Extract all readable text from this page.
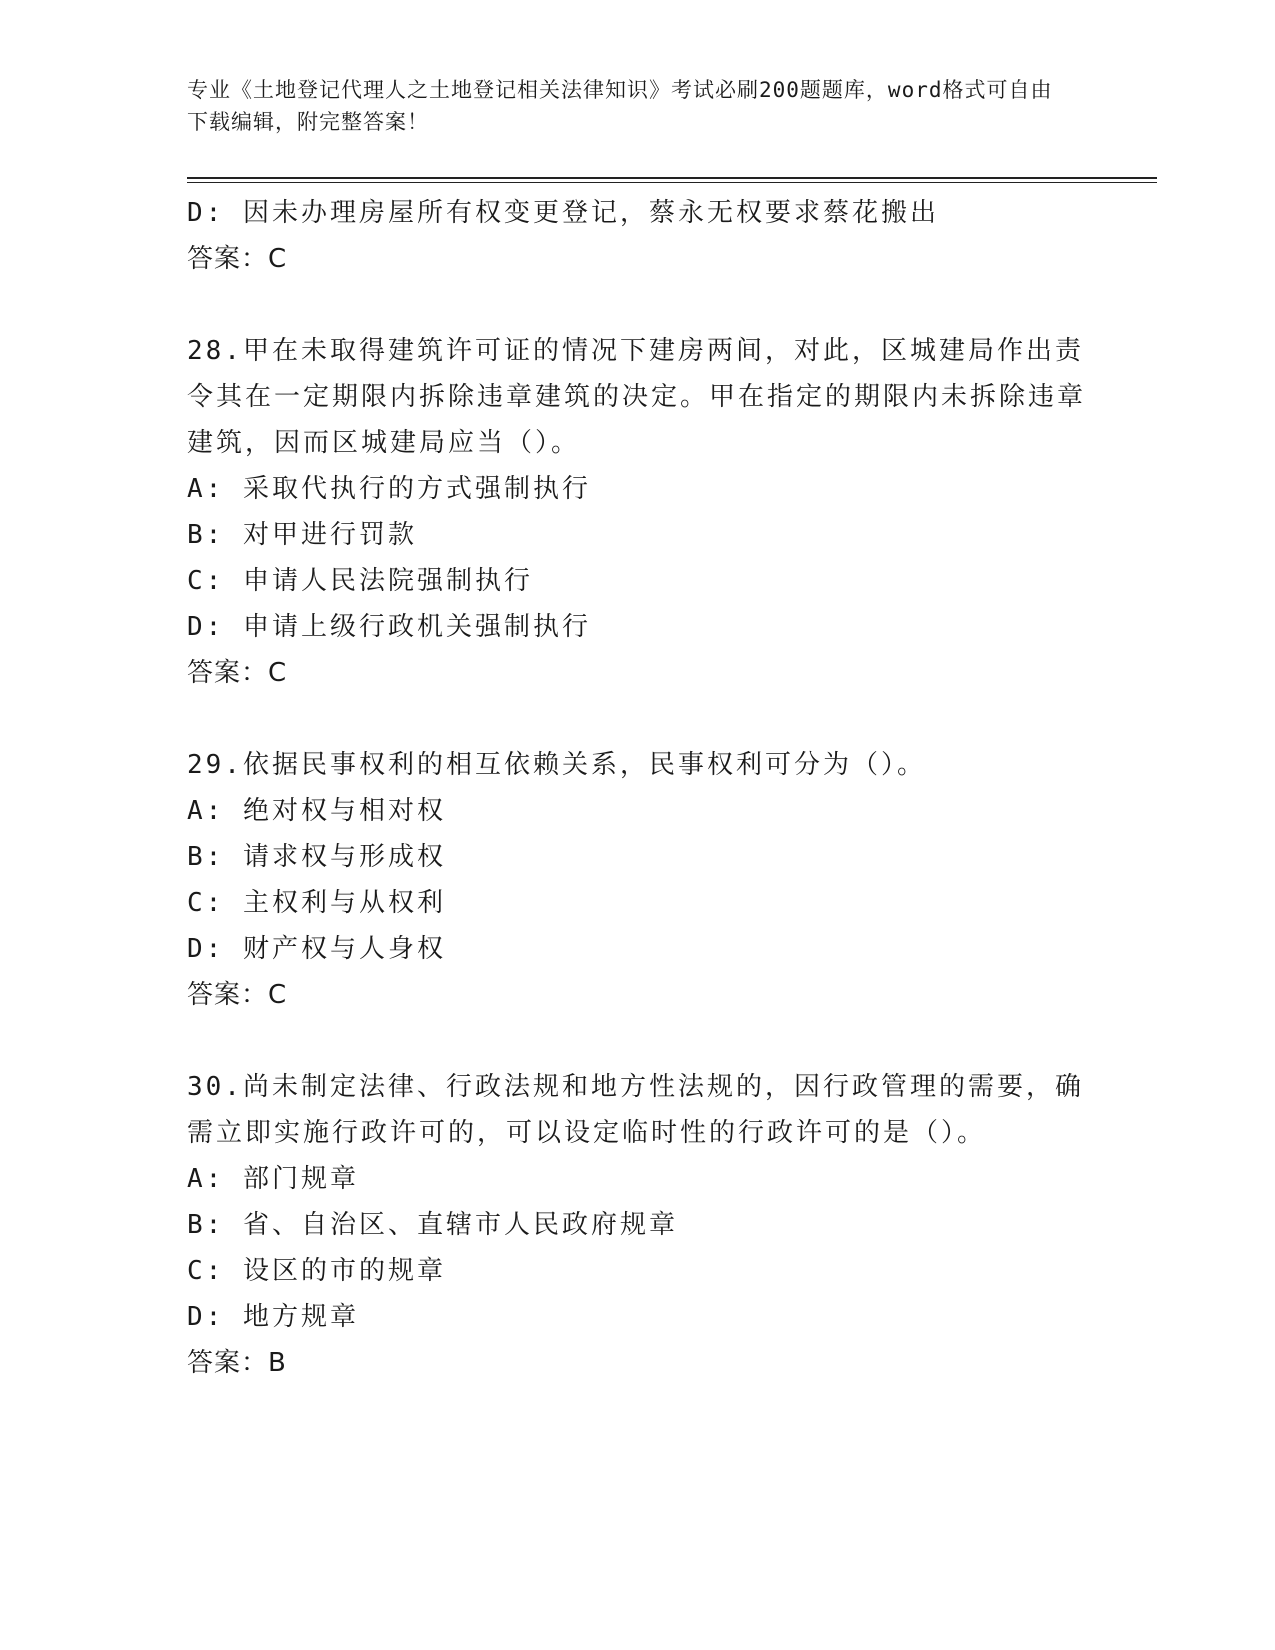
专业《土地登记代理人之土地登记相关法律知识》考试必刷200题题库，word格式可自由下载编辑，附完整答案！
D: 因未办理房屋所有权变更登记，蔡永无权要求蔡花搬出
答案：C
28.甲在未取得建筑许可证的情况下建房两间，对此，区城建局作出责令其在一定期限内拆除违章建筑的决定。甲在指定的期限内未拆除违章建筑，因而区城建局应当（）。
A: 采取代执行的方式强制执行
B: 对甲进行罚款
C: 申请人民法院强制执行
D: 申请上级行政机关强制执行
答案：C
29.依据民事权利的相互依赖关系，民事权利可分为（）。
A: 绝对权与相对权
B: 请求权与形成权
C: 主权利与从权利
D: 财产权与人身权
答案：C
30.尚未制定法律、行政法规和地方性法规的，因行政管理的需要，确需立即实施行政许可的，可以设定临时性的行政许可的是（）。
A: 部门规章
B: 省、自治区、直辖市人民政府规章
C: 设区的市的规章
D: 地方规章
答案：B
